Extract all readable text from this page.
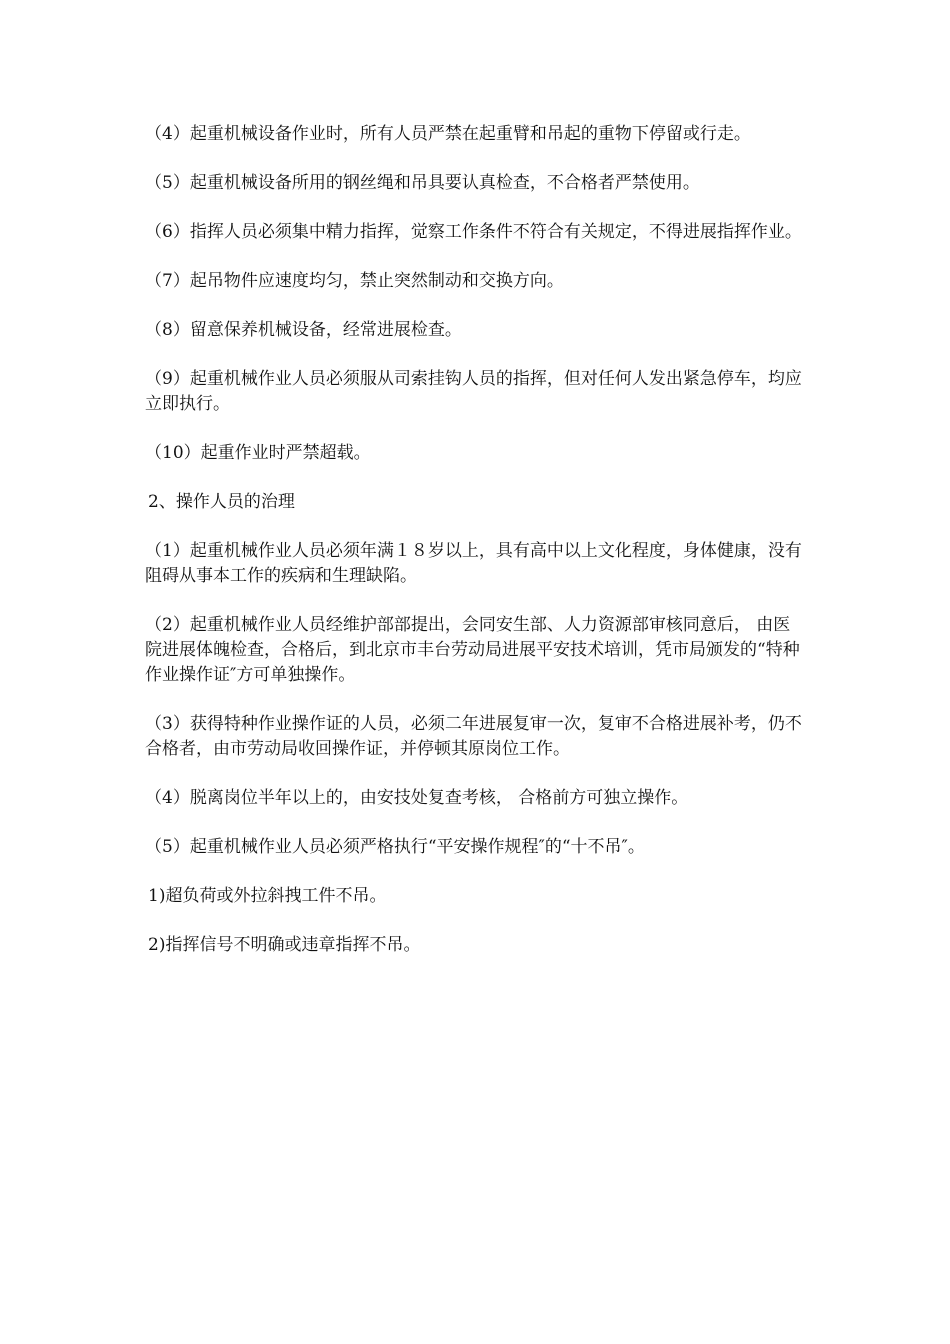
（4）起重机械设备作业时，所有人员严禁在起重臂和吊起的重物下停留或行走。

（5）起重机械设备所用的钢丝绳和吊具要认真检查，不合格者严禁使用。

（6）指挥人员必须集中精力指挥，觉察工作条件不符合有关规定，不得进展指挥作业。

（7）起吊物件应速度均匀，禁止突然制动和交换方向。

（8）留意保养机械设备，经常进展检查。

（9）起重机械作业人员必须服从司索挂钩人员的指挥，但对任何人发出紧急停车，均应立即执行。

（10）起重作业时严禁超载。

2、操作人员的治理

（1）起重机械作业人员必须年满１８岁以上，具有高中以上文化程度，身体健康，没有阻碍从事本工作的疾病和生理缺陷。

（2）起重机械作业人员经维护部部提出，会同安生部、人力资源部审核同意后， 由医院进展体魄检查，合格后，到北京市丰台劳动局进展平安技术培训，凭市局颁发的“特种作业操作证″方可单独操作。

（3）获得特种作业操作证的人员，必须二年进展复审一次，复审不合格进展补考，仍不合格者，由市劳动局收回操作证，并停顿其原岗位工作。

（4）脱离岗位半年以上的，由安技处复查考核， 合格前方可独立操作。

（5）起重机械作业人员必须严格执行“平安操作规程″的“十不吊″。

1)超负荷或外拉斜拽工件不吊。

2)指挥信号不明确或违章指挥不吊。
